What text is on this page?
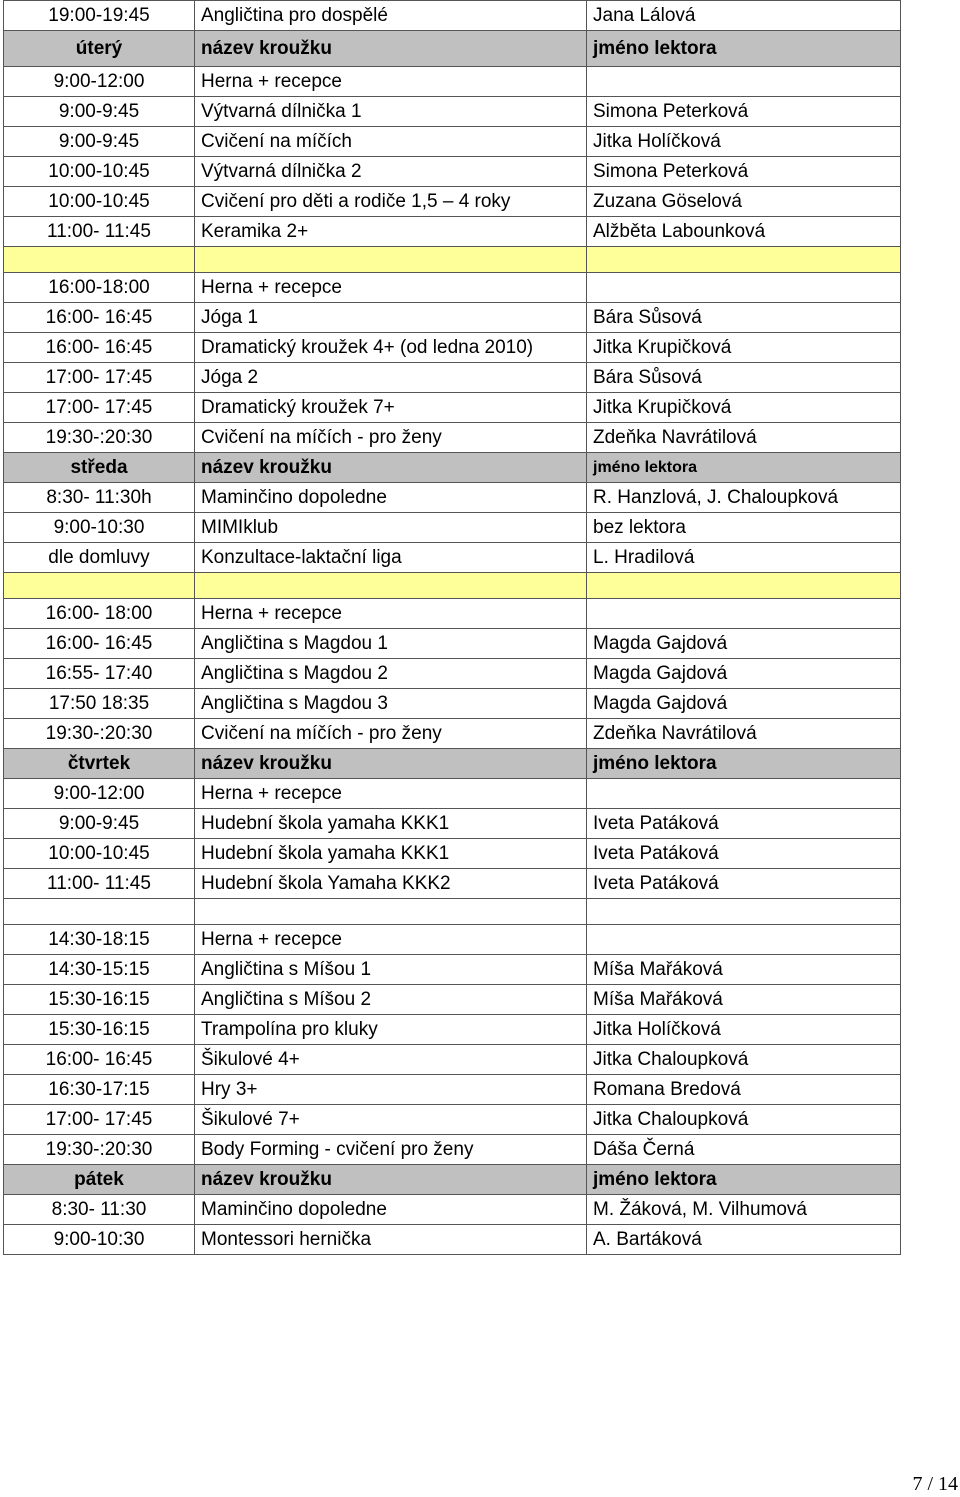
19:00-19:45	Angličtina pro dospělé	Jana Lálová
úterý	název kroužku	jméno lektora
9:00-12:00	Herna + recepce	
9:00-9:45	Výtvarná dílnička 1	Simona Peterková
9:00-9:45	Cvičení na míčích	Jitka Holíčková
10:00-10:45	Výtvarná dílnička 2	Simona Peterková
10:00-10:45	Cvičení pro děti a rodiče 1,5 – 4 roky	Zuzana Göselová
11:00- 11:45	Keramika 2+	Alžběta Labounková

16:00-18:00	Herna + recepce	
16:00- 16:45	Jóga 1	Bára Sůsová
16:00- 16:45	Dramatický kroužek 4+ (od ledna 2010)	Jitka Krupičková
17:00- 17:45	Jóga 2	Bára Sůsová
17:00- 17:45	Dramatický kroužek 7+	Jitka Krupičková
19:30-:20:30	Cvičení na míčích - pro ženy	Zdeňka Navrátilová
středa	název kroužku	jméno lektora
8:30- 11:30h	Maminčino dopoledne	R. Hanzlová, J. Chaloupková
9:00-10:30	MIMIklub	bez lektora
dle domluvy	Konzultace-laktační liga	L. Hradilová

16:00- 18:00	Herna + recepce	
16:00- 16:45	Angličtina s Magdou 1	Magda Gajdová
16:55- 17:40	Angličtina s Magdou 2	Magda Gajdová
17:50 18:35	Angličtina s Magdou 3	Magda Gajdová
19:30-:20:30	Cvičení na míčích - pro ženy	Zdeňka Navrátilová
čtvrtek	název kroužku	jméno lektora
9:00-12:00	Herna + recepce	
9:00-9:45	Hudební škola yamaha KKK1	Iveta Patáková
10:00-10:45	Hudební škola yamaha KKK1	Iveta Patáková
11:00- 11:45	Hudební škola Yamaha KKK2	Iveta Patáková

14:30-18:15	Herna + recepce	
14:30-15:15	Angličtina s Míšou 1	Míša Mařáková
15:30-16:15	Angličtina s Míšou 2	Míša Mařáková
15:30-16:15	Trampolína pro kluky	Jitka Holíčková
16:00- 16:45	Šikulové 4+	Jitka Chaloupková
16:30-17:15	Hry 3+	Romana Bredová
17:00- 17:45	Šikulové 7+	Jitka Chaloupková
19:30-:20:30	Body Forming - cvičení pro ženy	Dáša Černá
pátek	název kroužku	jméno lektora
8:30- 11:30	Maminčino dopoledne	M. Žáková, M. Vilhumová
9:00-10:30	Montessori hernička	A. Bartáková
7 / 14
